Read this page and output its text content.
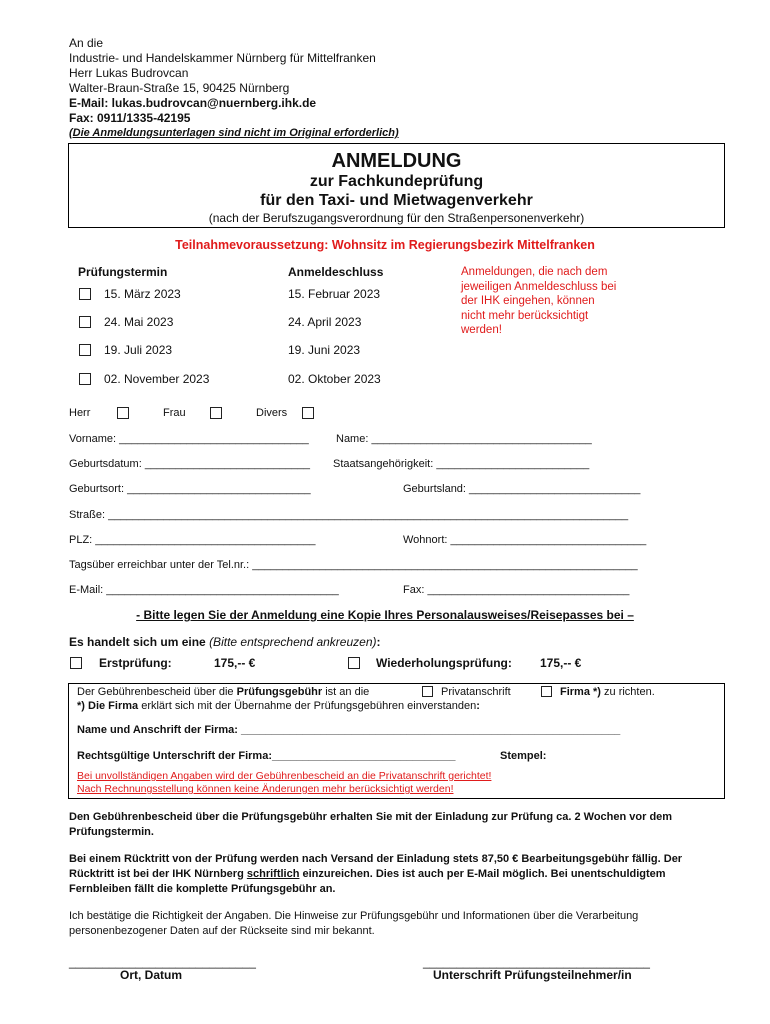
An die
Industrie- und Handelskammer Nürnberg für Mittelfranken
Herr Lukas Budrovcan
Walter-Braun-Straße 15, 90425 Nürnberg
E-Mail: lukas.budrovcan@nuernberg.ihk.de
Fax: 0911/1335-42195
(Die Anmeldungsunterlagen sind nicht im Original erforderlich)
ANMELDUNG
zur Fachkundeprüfung
für den Taxi- und Mietwagenverkehr
(nach der Berufszugangsverordnung für den Straßenpersonenverkehr)
Teilnahmevoraussetzung: Wohnsitz im Regierungsbezirk Mittelfranken
Prüfungstermin	Anmeldeschluss
15. März 2023	15. Februar 2023
24. Mai 2023	24. April 2023
19. Juli 2023	19. Juni 2023
02. November 2023	02. Oktober 2023
Anmeldungen, die nach dem
jeweiligen Anmeldeschluss bei
der IHK eingehen, können
nicht mehr berücksichtigt
werden!
Herr	Frau	Divers
Vorname: _______________________________ Name: ____________________________________
Geburtsdatum: ___________________________ Staatsangehörigkeit: _________________________
Geburtsort: ______________________________	Geburtsland: ____________________________
Straße: _____________________________________________________________________________________
PLZ: ____________________________________	Wohnort: ________________________________
Tagsüber erreichbar unter der Tel.nr.: _______________________________________________________________
E-Mail: ______________________________________	Fax: _________________________________
- Bitte legen Sie der Anmeldung eine Kopie Ihres Personalausweises/Reisepasses bei –
Es handelt sich um eine (Bitte entsprechend ankreuzen):
Erstprüfung:	175,-- €	Wiederholungsprüfung: 175,-- €
Der Gebührenbescheid über die Prüfungsgebühr ist an die	Privatanschrift	Firma *) zu richten.
*) Die Firma erklärt sich mit der Übernahme der Prüfungsgebühren einverstanden:
Name und Anschrift der Firma: ______________________________________________________________
Rechtsgültige Unterschrift der Firma:______________________________	Stempel:
Bei unvollständigen Angaben wird der Gebührenbescheid an die Privatanschrift gerichtet!
Nach Rechnungsstellung können keine Änderungen mehr berücksichtigt werden!
Den Gebührenbescheid über die Prüfungsgebühr erhalten Sie mit der Einladung zur Prüfung ca. 2 Wochen vor dem Prüfungstermin.
Bei einem Rücktritt von der Prüfung werden nach Versand der Einladung stets 87,50 € Bearbeitungsgebühr fällig. Der Rücktritt ist bei der IHK Nürnberg schriftlich einzureichen. Dies ist auch per E-Mail möglich. Bei unentschuldigtem Fernbleiben fällt die komplette Prüfungsgebühr an.
Ich bestätige die Richtigkeit der Angaben. Die Hinweise zur Prüfungsgebühr und Informationen über die Verarbeitung personenbezogener Daten auf der Rückseite sind mir bekannt.
____________________________
Ort, Datum
__________________________________
Unterschrift Prüfungsteilnehmer/in
